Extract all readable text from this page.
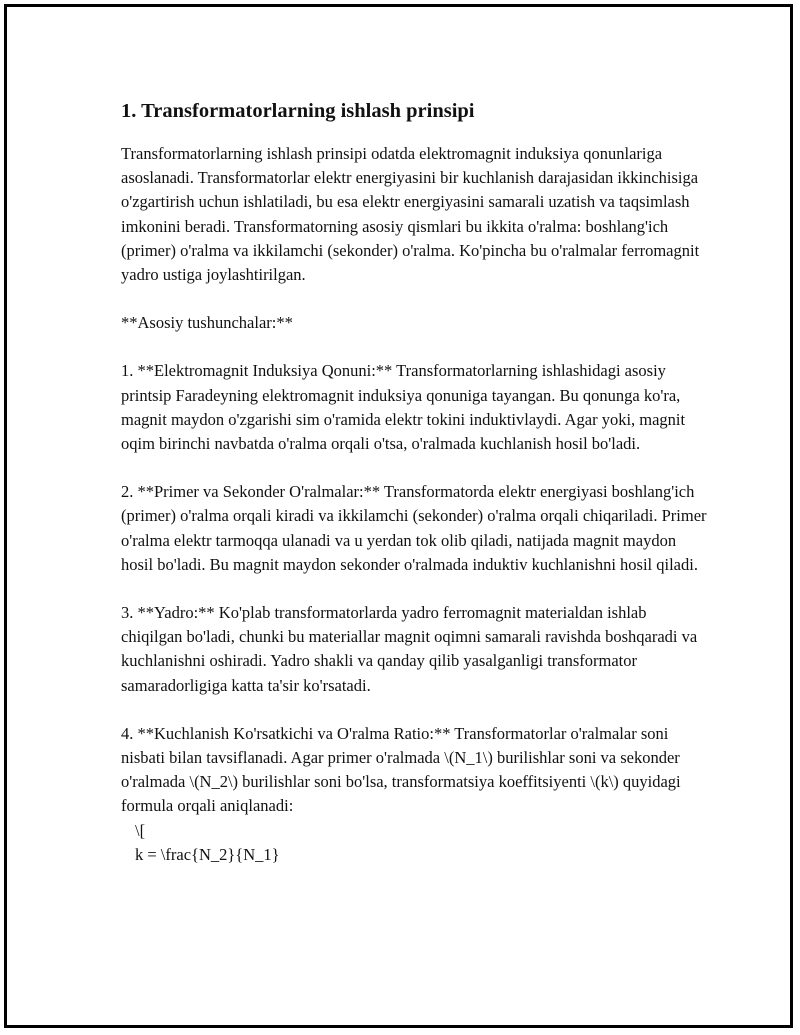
1. Transformatorlarning ishlash prinsipi

Transformatorlarning ishlash prinsipi odatda elektromagnit induksiya qonunlariga asoslanadi. Transformatorlar elektr energiyasini bir kuchlanish darajasidan ikkinchisiga o'zgartirish uchun ishlatiladi, bu esa elektr energiyasini samarali uzatish va taqsimlash imkonini beradi. Transformatorning asosiy qismlari bu ikkita o'ralma: boshlang'ich (primer) o'ralma va ikkilamchi (sekonder) o'ralma. Ko'pincha bu o'ralmalar ferromagnit yadro ustiga joylashtirilgan.

**Asosiy tushunchalar:**

1. **Elektromagnit Induksiya Qonuni:** Transformatorlarning ishlashidagi asosiy printsip Faradeyning elektromagnit induksiya qonuniga tayangan. Bu qonunga ko'ra, magnit maydon o'zgarishi sim o'ramida elektr tokini induktivlaydi. Agar yoki, magnit oqim birinchi navbatda o'ralma orqali o'tsa, o'ralmada kuchlanish hosil bo'ladi.

2. **Primer va Sekonder O'ralmalar:** Transformatorda elektr energiyasi boshlang'ich (primer) o'ralma orqali kiradi va ikkilamchi (sekonder) o'ralma orqali chiqariladi. Primer o'ralma elektr tarmoqqa ulanadi va u yerdan tok olib qiladi, natijada magnit maydon hosil bo'ladi. Bu magnit maydon sekonder o'ralmada induktiv kuchlanishni hosil qiladi.

3. **Yadro:** Ko'plab transformatorlarda yadro ferromagnit materialdan ishlab chiqilgan bo'ladi, chunki bu materiallar magnit oqimni samarali ravishda boshqaradi va kuchlanishni oshiradi. Yadro shakli va qanday qilib yasalganligi transformator samaradorligiga katta ta'sir ko'rsatadi.

4. **Kuchlanish Ko'rsatkichi va O'ralma Ratio:** Transformatorlar o'ralmalar soni nisbati bilan tavsiflanadi. Agar primer o'ralmada \(N_1\) burilishlar soni va sekonder o'ralmada \(N_2\) burilishlar soni bo'lsa, transformatsiya koeffitsiyenti \(k\) quyidagi formula orqali aniqlanadi:

\[
k = \frac{N_2}{N_1}
